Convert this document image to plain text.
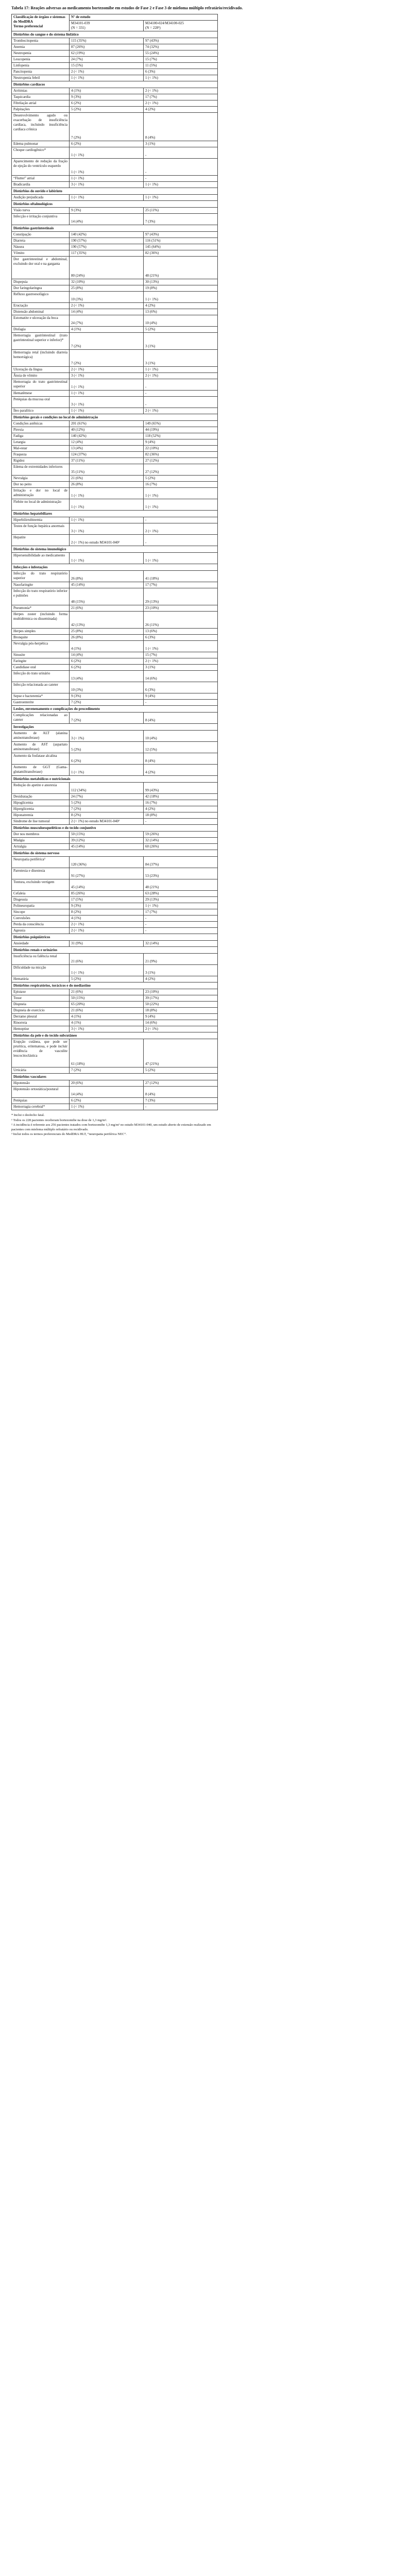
Tabela 17: Reações adversas ao medicamento bortezomibe em estudos de Fase 2 e Fase 3 de mieloma múltiplo refratário/recidivado.
Classificação de órgãos e sistemas do MedDRA
Termo preferencial	Nº de estudo	
	M34101-039
(N = 331)	M34100-024/M34100-025
(N = 228¹)
Distúrbios do sangue e do sistema linfático		
Trombocitopenia	115 (35%)	97 (43%)
Anemia	87 (26%)	74 (32%)
Neutropenia	62 (19%)	55 (24%)
Leucopenia	24 (7%)	15 (7%)
Linfopenia	15 (5%)	11 (5%)
Pancitopenia	2 (< 1%)	6 (3%)
Neutropenia febril	1 (< 1%)	1 (< 1%)
Distúrbios cardíacos		
Arritmias	4 (1%)	2 (< 1%)
Taquicardia	9 (3%)	17 (7%)
Fibrilação atrial	6 (2%)	2 (< 1%)
Palpitações	5 (2%)	4 (2%)
Desenvolvimento agudo ou exacerbação de insuficiência cardíaca, incluindo insuficiência cardíaca crônica	7 (2%)	8 (4%)
Edema pulmonar	6 (2%)	3 (1%)
Choque cardiogênico*	1 (< 1%)	-
Aparecimento de redução da fração de ejeção do ventrículo esquerdo	1 (< 1%)	-
“Flutter” atrial	1 (< 1%)	-
Bradicardia	3 (< 1%)	1 (< 1%)
Distúrbios do ouvido e labirinto		
Audição prejudicada	1 (< 1%)	1 (< 1%)
Distúrbios oftalmológicos		
Visão turva	9 (3%)	25 (11%)
Infecção e irritação conjuntiva	14 (4%)	7 (3%)
Distúrbios gastrintestinais		
Constipação	140 (42%)	97 (43%)
Diarreia	190 (57%)	116 (51%)
Náusea	190 (57%)	145 (64%)
Vômito	117 (35%)	82 (36%)
Dor gastrintestinal e abdominal, excluindo dor oral e na garganta	80 (24%)	48 (21%)
Dispepsia	32 (10%)	30 (13%)
Dor faringolaríngea	25 (8%)	19 (8%)
Refluxo gastroesofágico	10 (3%)	1 (< 1%)
Eructação	2 (< 1%)	4 (2%)
Distensão abdominal	14 (4%)	13 (6%)
Estomatite e ulceração da boca	24 (7%)	10 (4%)
Disfagia	4 (1%)	5 (2%)
Hemorragia gastrintestinal (trato gastrintestinal superior e inferior)*	7 (2%)	3 (1%)
Hemorragia retal (incluindo diarreia hemorrágica)	7 (2%)	3 (1%)
Ulceração da língua	2 (< 1%)	1 (< 1%)
Ânsia de vômito	3 (< 1%)	2 (< 1%)
Hemorragia do trato gastrintestinal superior	1 (< 1%)	-
Hematêmese	1 (< 1%)	-
Petéquias da mucosa oral	3 (< 1%)	-
Íleo paralítico	1 (< 1%)	2 (< 1%)
Distúrbios gerais e condições no local de administração		
Condições astênicas	201 (61%)	149 (65%)
Pirexia	40 (12%)	44 (19%)
Fadiga	140 (42%)	118 (52%)
Letargia	12 (4%)	9 (4%)
Mal-estar	13 (4%)	22 (10%)
Fraqueza	124 (37%)	82 (36%)
Rigidez	37 (11%)	27 (12%)
Edema de extremidades inferiores	35 (11%)	27 (12%)
Nevralgia	21 (6%)	5 (2%)
Dor no peito	26 (8%)	16 (7%)
Irritação e dor no local de administração	1 (< 1%)	1 (< 1%)
Flebite no local de administração	1 (< 1%)	1 (< 1%)
Distúrbios hepatobiliares		
Hiperbilirrubinemia	1 (< 1%)	-
Testes de função hepática anormais	3 (< 1%)	2 (< 1%)
Hepatite	2 (< 1%) no estudo M34101-040²	-
Distúrbios do sistema imunológico		
Hipersensibilidade ao medicamento	1 (< 1%)	1 (< 1%)
Infecções e infestações		
Infecção do trato respiratório superior	26 (8%)	41 (18%)
Nasofaringite	45 (14%)	17 (7%)
Infecção do trato respiratório inferior e pulmões	48 (15%)	29 (13%)
Pneumonia*	21 (6%)	23 (10%)
Herpes zoster (incluindo forma multidérmica ou disseminada)	42 (13%)	26 (11%)
Herpes simples	25 (8%)	13 (6%)
Bronquite	26 (8%)	6 (3%)
Nevralgia pós-herpética	4 (1%)	1 (< 1%)
Sinusite	14 (4%)	15 (7%)
Faringite	6 (2%)	2 (< 1%)
Candidíase oral	6 (2%)	3 (1%)
Infecção do trato urinário	13 (4%)	14 (6%)
Infecção relacionada ao cateter	10 (3%)	6 (3%)
Sepse e bacteremia*	9 (3%)	9 (4%)
Gastroenterite	7 (2%)	-
Lesões, envenenamento e complicações do procedimento		
Complicações relacionadas ao cateter	7 (2%)	8 (4%)
Investigações		
Aumento de ALT (alanina aminotransferase)	3 (< 1%)	10 (4%)
Aumento de AST (aspartato aminotransferase)	5 (2%)	12 (5%)
Aumento da fosfatase alcalina	6 (2%)	8 (4%)
Aumento de GGT (Gama-glutamiltransferase)	1 (< 1%)	4 (2%)
Distúrbios metabólicos e nutricionais		
Redução do apetite e anorexia	112 (34%)	99 (43%)
Desidratação	24 (7%)	42 (18%)
Hipoglicemia	5 (2%)	16 (7%)
Hiperglicemia	7 (2%)	4 (2%)
Hiponatremia	8 (2%)	18 (8%)
Síndrome de lise tumoral	2 (< 1%) no estudo M34101-040²	-
Distúrbios musculoesqueléticos e do tecido conjuntivo		
Dor nos membros	50 (15%)	59 (26%)
Mialgia	39 (12%)	32 (14%)
Artralgia	45 (14%)	60 (26%)
Distúrbios do sistema nervoso		
Neuropatia periférica³	120 (36%)	84 (37%)
Parestesia e disestesia	91 (27%)	53 (23%)
Tontura, excluindo vertigem	45 (14%)	48 (21%)
Cefaleia	85 (26%)	63 (28%)
Disgeusia	17 (5%)	29 (13%)
Polineuropatia	9 (3%)	1 (< 1%)
Síncope	8 (2%)	17 (7%)
Convulsões	4 (1%)	-
Perda da consciência	2 (< 1%)	-
Ageusia	2 (< 1%)	-
Distúrbios psiquiátricos		
Ansiedade	31 (9%)	32 (14%)
Distúrbios renais e urinários		
Insuficiência ou falência renal	21 (6%)	21 (9%)
Dificuldade na micção	1 (< 1%)	3 (1%)
Hematúria	5 (2%)	4 (2%)
Distúrbios respiratórios, torácicos e do mediastino		
Epistaxe	21 (6%)	23 (10%)
Tosse	50 (15%)	39 (17%)
Dispneia	65 (20%)	50 (22%)
Dispneia de exercício	21 (6%)	18 (8%)
Derrame pleural	4 (1%)	9 (4%)
Rinorreia	4 (1%)	14 (6%)
Hemoptise	3 (< 1%)	2 (< 1%)
Distúrbios da pele e do tecido subcutâneo		
Erupção cutânea, que pode ser pruritica, eritematosa, e pode incluir evidência de vasculite leucocitoclástica	61 (18%)	47 (21%)
Urticária	7 (2%)	5 (2%)
Distúrbios vasculares		
Hipotensão	20 (6%)	27 (12%)
Hipotensão ortostática/postural	14 (4%)	8 (4%)
Petéquias	6 (2%)	7 (3%)
Hemorragia cerebral*	1 (< 1%)	-
* Inclui o desfecho fatal.
¹ Todos os 228 pacientes receberam bortezomibe na dose de 1,3 mg/m².
² A incidência é referente aos 256 pacientes tratados com bortezomibe 1,3 mg/m² no estudo M34101-040, um estudo aberto de extensão realizado em pacientes com mieloma múltiplo refratário ou recidivado.
³ Inclui todos os termos preferenciais do MedDRA HLT, “neuropatia periférica NEC”.
